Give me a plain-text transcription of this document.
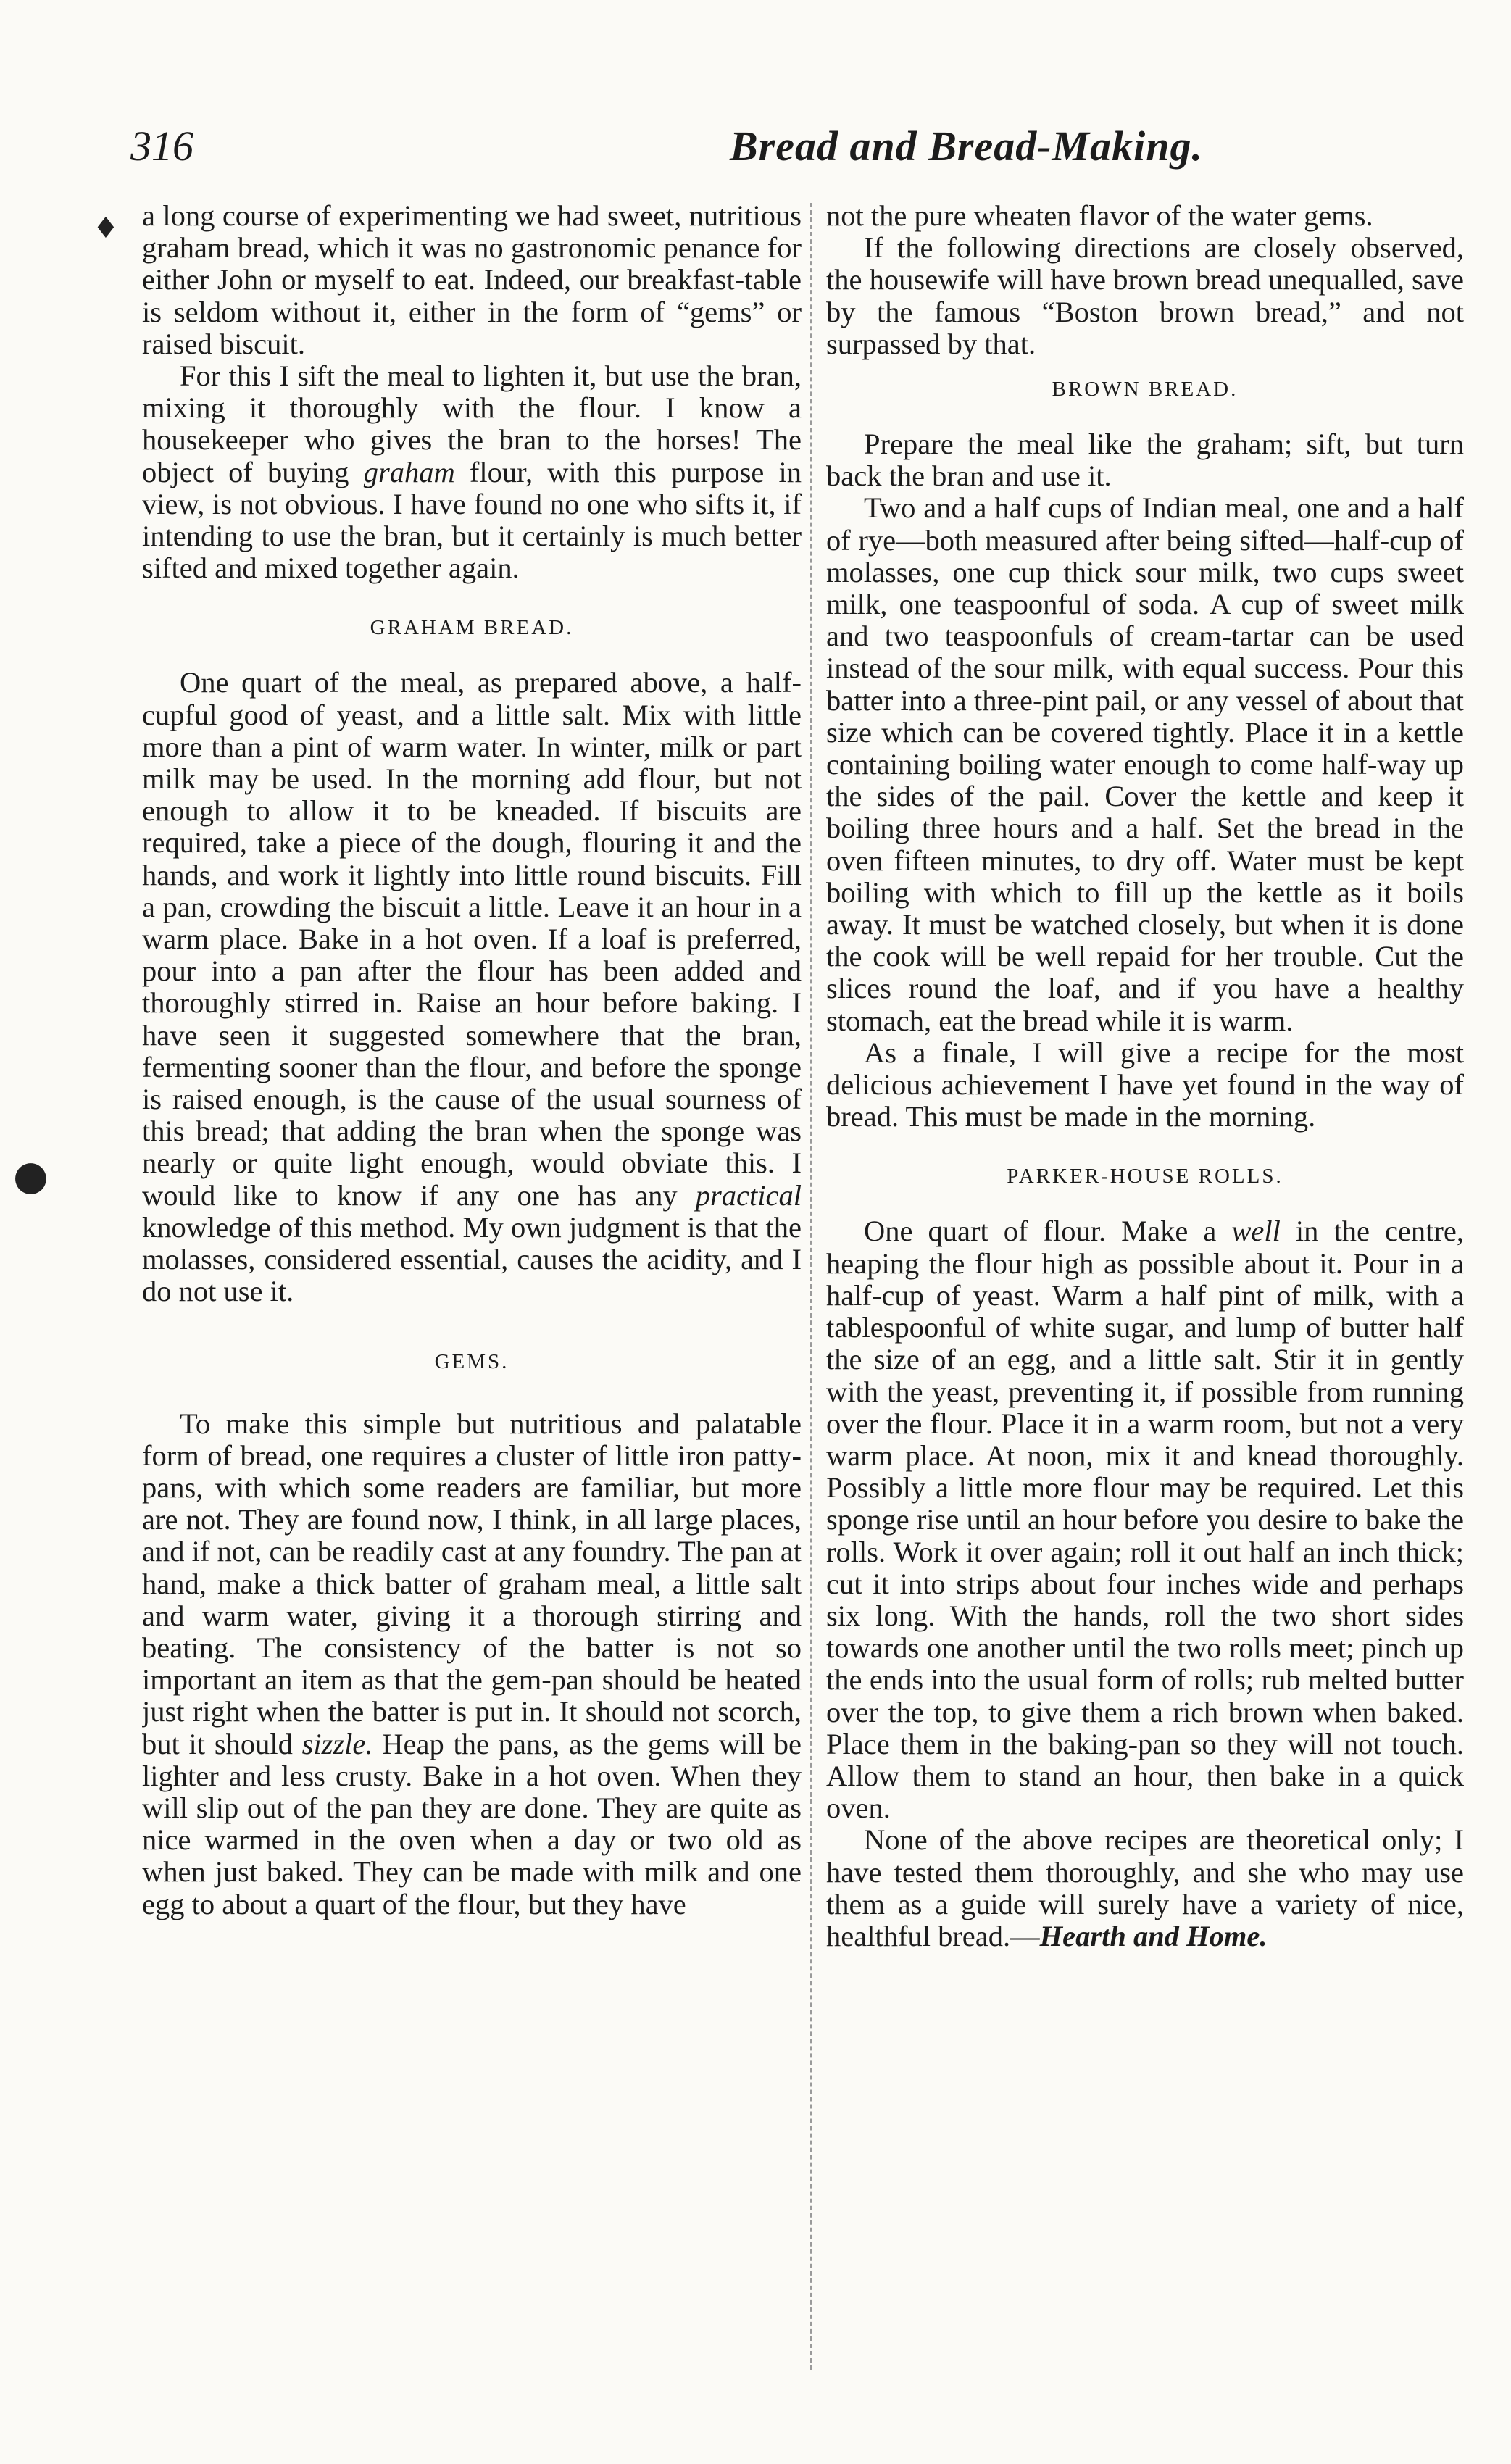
316	Bread and Bread-Making.
♦
●

a long course of experimenting we had sweet, nutritious graham bread, which it was no gastronomic penance for either John or myself to eat. Indeed, our breakfast-table is seldom without it, either in the form of “gems” or raised biscuit.

For this I sift the meal to lighten it, but use the bran, mixing it thoroughly with the flour. I know a housekeeper who gives the bran to the horses! The object of buying graham flour, with this purpose in view, is not obvious. I have found no one who sifts it, if intending to use the bran, but it certainly is much better sifted and mixed together again.

GRAHAM BREAD.

One quart of the meal, as prepared above, a half-cupful good of yeast, and a little salt. Mix with little more than a pint of warm water. In winter, milk or part milk may be used. In the morning add flour, but not enough to allow it to be kneaded. If biscuits are required, take a piece of the dough, flouring it and the hands, and work it lightly into little round biscuits. Fill a pan, crowding the biscuit a little. Leave it an hour in a warm place. Bake in a hot oven. If a loaf is preferred, pour into a pan after the flour has been added and thoroughly stirred in. Raise an hour before baking. I have seen it suggested somewhere that the bran, fermenting sooner than the flour, and before the sponge is raised enough, is the cause of the usual sourness of this bread; that adding the bran when the sponge was nearly or quite light enough, would obviate this. I would like to know if any one has any practical knowledge of this method. My own judgment is that the molasses, considered essential, causes the acidity, and I do not use it.

GEMS.

To make this simple but nutritious and palatable form of bread, one requires a cluster of little iron patty-pans, with which some readers are familiar, but more are not. They are found now, I think, in all large places, and if not, can be readily cast at any foundry. The pan at hand, make a thick batter of graham meal, a little salt and warm water, giving it a thorough stirring and beating. The consistency of the batter is not so important an item as that the gem-pan should be heated just right when the batter is put in. It should not scorch, but it should sizzle. Heap the pans, as the gems will be lighter and less crusty. Bake in a hot oven. When they will slip out of the pan they are done. They are quite as nice warmed in the oven when a day or two old as when just baked. They can be made with milk and one egg to about a quart of the flour, but they have

not the pure wheaten flavor of the water gems.

If the following directions are closely observed, the housewife will have brown bread unequalled, save by the famous “Boston brown bread,” and not surpassed by that.

BROWN BREAD.

Prepare the meal like the graham; sift, but turn back the bran and use it.

Two and a half cups of Indian meal, one and a half of rye—both measured after being sifted—half-cup of molasses, one cup thick sour milk, two cups sweet milk, one teaspoonful of soda. A cup of sweet milk and two teaspoonfuls of cream-tartar can be used instead of the sour milk, with equal success. Pour this batter into a three-pint pail, or any vessel of about that size which can be covered tightly. Place it in a kettle containing boiling water enough to come half-way up the sides of the pail. Cover the kettle and keep it boiling three hours and a half. Set the bread in the oven fifteen minutes, to dry off. Water must be kept boiling with which to fill up the kettle as it boils away. It must be watched closely, but when it is done the cook will be well repaid for her trouble. Cut the slices round the loaf, and if you have a healthy stomach, eat the bread while it is warm.

As a finale, I will give a recipe for the most delicious achievement I have yet found in the way of bread. This must be made in the morning.

PARKER-HOUSE ROLLS.

One quart of flour. Make a well in the centre, heaping the flour high as possible about it. Pour in a half-cup of yeast. Warm a half pint of milk, with a tablespoonful of white sugar, and lump of butter half the size of an egg, and a little salt. Stir it in gently with the yeast, preventing it, if possible from running over the flour. Place it in a warm room, but not a very warm place. At noon, mix it and knead thoroughly. Possibly a little more flour may be required. Let this sponge rise until an hour before you desire to bake the rolls. Work it over again; roll it out half an inch thick; cut it into strips about four inches wide and perhaps six long. With the hands, roll the two short sides towards one another until the two rolls meet; pinch up the ends into the usual form of rolls; rub melted butter over the top, to give them a rich brown when baked. Place them in the baking-pan so they will not touch. Allow them to stand an hour, then bake in a quick oven.

None of the above recipes are theoretical only; I have tested them thoroughly, and she who may use them as a guide will surely have a variety of nice, healthful bread.—Hearth and Home.
